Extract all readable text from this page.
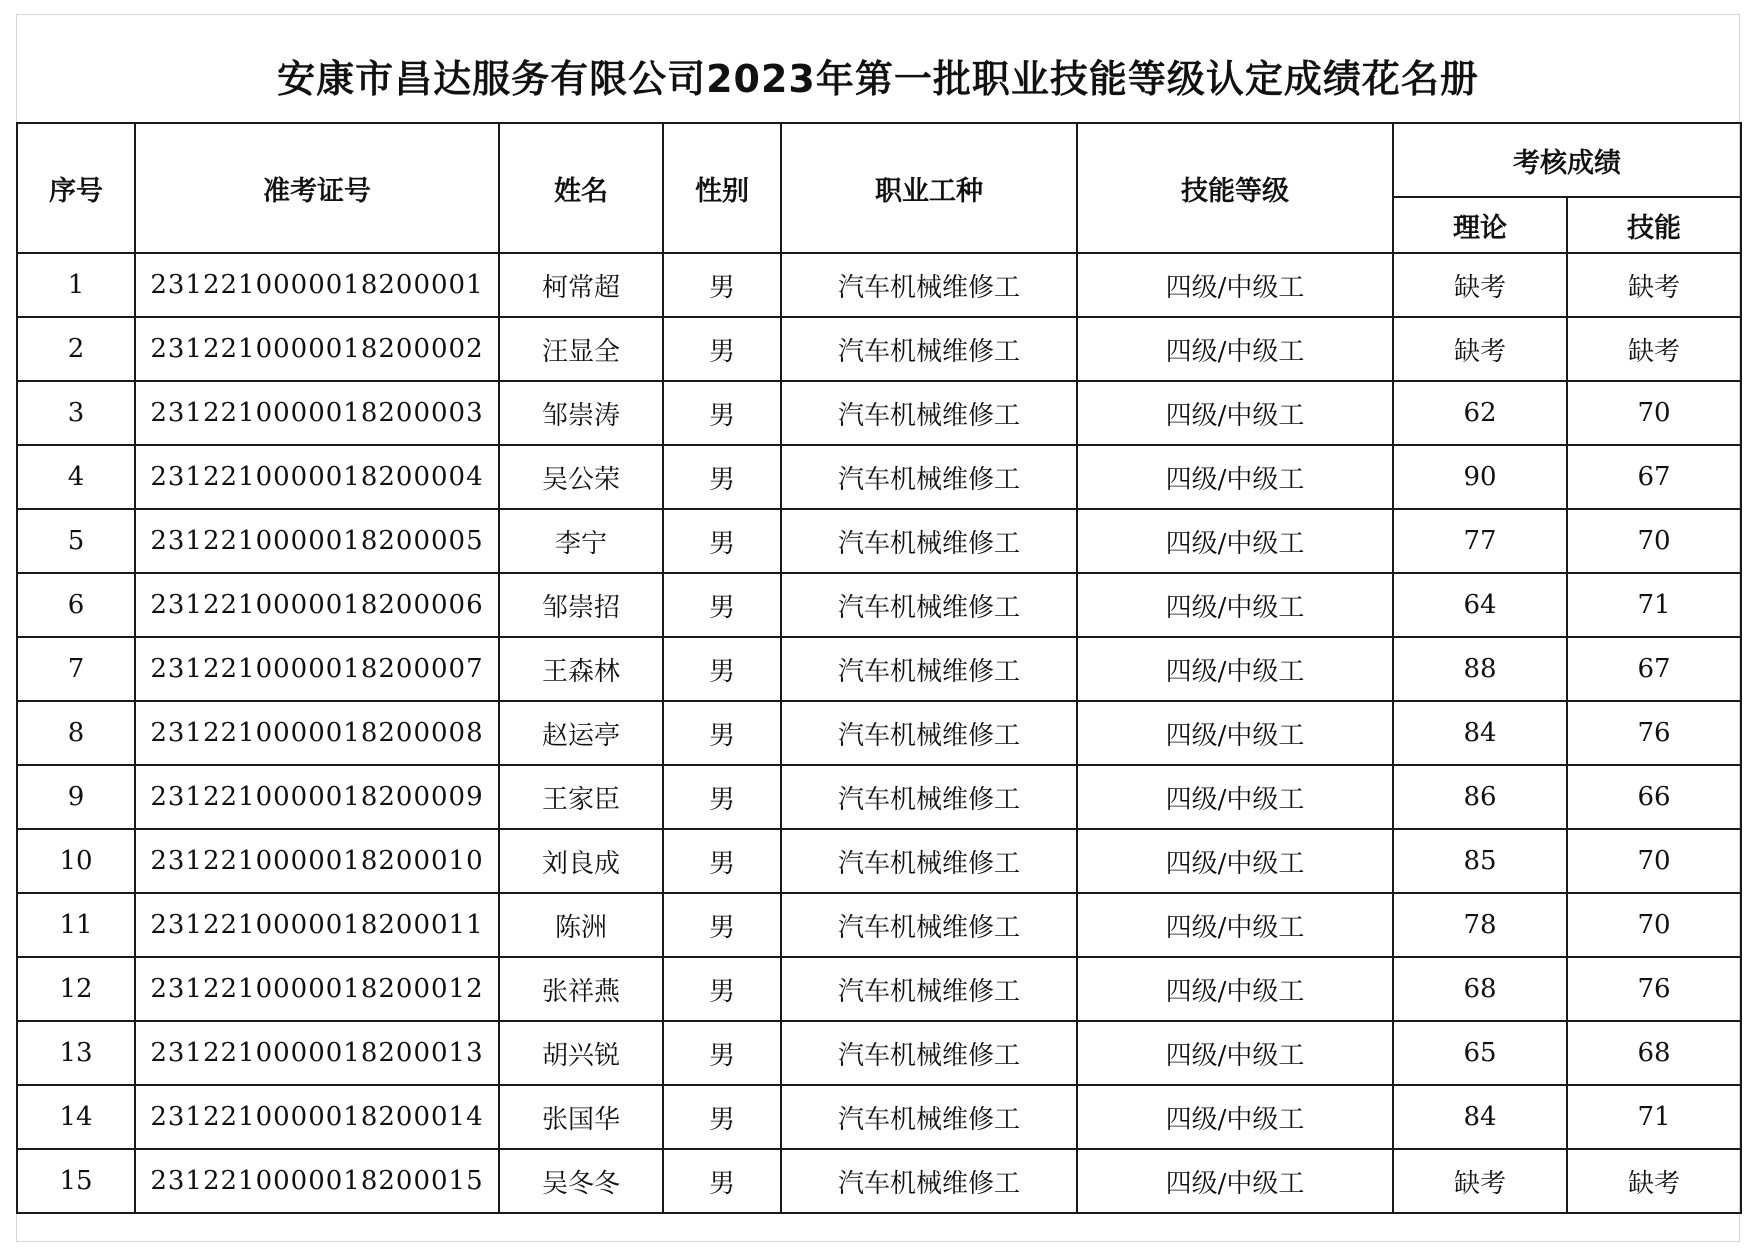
安康市昌达服务有限公司2023年第一批职业技能等级认定成绩花名册
序号	准考证号	姓名	性别	职业工种	技能等级	考核成绩	
						理论	技能
1	2312210000018200001	柯常超	男	汽车机械维修工	四级/中级工	缺考	缺考
2	2312210000018200002	汪显全	男	汽车机械维修工	四级/中级工	缺考	缺考
3	2312210000018200003	邹崇涛	男	汽车机械维修工	四级/中级工	62	70
4	2312210000018200004	吴公荣	男	汽车机械维修工	四级/中级工	90	67
5	2312210000018200005	李宁	男	汽车机械维修工	四级/中级工	77	70
6	2312210000018200006	邹崇招	男	汽车机械维修工	四级/中级工	64	71
7	2312210000018200007	王森林	男	汽车机械维修工	四级/中级工	88	67
8	2312210000018200008	赵运亭	男	汽车机械维修工	四级/中级工	84	76
9	2312210000018200009	王家臣	男	汽车机械维修工	四级/中级工	86	66
10	2312210000018200010	刘良成	男	汽车机械维修工	四级/中级工	85	70
11	2312210000018200011	陈洲	男	汽车机械维修工	四级/中级工	78	70
12	2312210000018200012	张祥燕	男	汽车机械维修工	四级/中级工	68	76
13	2312210000018200013	胡兴锐	男	汽车机械维修工	四级/中级工	65	68
14	2312210000018200014	张国华	男	汽车机械维修工	四级/中级工	84	71
15	2312210000018200015	吴冬冬	男	汽车机械维修工	四级/中级工	缺考	缺考
